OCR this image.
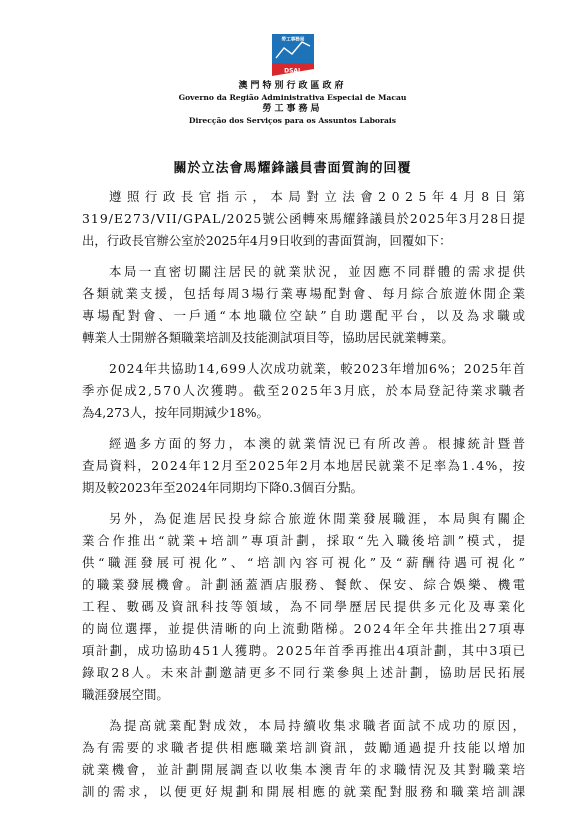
勞工事務局
DSAL
澳門特別行政區政府
Governo da Região Administrativa Especial de Macau
勞工事務局
Direcção dos Serviços para os Assuntos Laborais
關於立法會馬耀鋒議員書面質詢的回覆
遵照行政長官指示，本局對立法會2025年4月8日第
319/E273/VII/GPAL/2025號公函轉來馬耀鋒議員於2025年3月28日提
出，行政長官辦公室於2025年4月9日收到的書面質詢，回覆如下：
本局一直密切關注居民的就業狀況，並因應不同群體的需求提供
各類就業支援，包括每周3場行業專場配對會、每月綜合旅遊休閒企業
專場配對會、一戶通“本地職位空缺”自助選配平台，以及為求職或
轉業人士開辦各類職業培訓及技能測試項目等，協助居民就業轉業。
2024年共協助14,699人次成功就業，較2023年增加6%；2025年首
季亦促成2,570人次獲聘。截至2025年3月底，於本局登記待業求職者
為4,273人，按年同期減少18%。
經過多方面的努力，本澳的就業情況已有所改善。根據統計暨普
查局資料，2024年12月至2025年2月本地居民就業不足率為1.4%，按
期及較2023年至2024年同期均下降0.3個百分點。
另外，為促進居民投身綜合旅遊休閒業發展職涯，本局與有關企
業合作推出“就業+培訓”專項計劃，採取“先入職後培訓”模式，提
供“職涯發展可視化”、“培訓內容可視化”及“薪酬待遇可視化”
的職業發展機會。計劃涵蓋酒店服務、餐飲、保安、綜合娛樂、機電
工程、數碼及資訊科技等領域，為不同學歷居民提供多元化及專業化
的崗位選擇，並提供清晰的向上流動階梯。2024年全年共推出27項專
項計劃，成功協助451人獲聘。2025年首季再推出4項計劃，其中3項已
錄取28人。未來計劃邀請更多不同行業參與上述計劃，協助居民拓展
職涯發展空間。
為提高就業配對成效，本局持續收集求職者面試不成功的原因，
為有需要的求職者提供相應職業培訓資訊，鼓勵通過提升技能以增加
就業機會，並計劃開展調查以收集本澳青年的求職情況及其對職業培
訓的需求，以便更好規劃和開展相應的就業配對服務和職業培訓課
